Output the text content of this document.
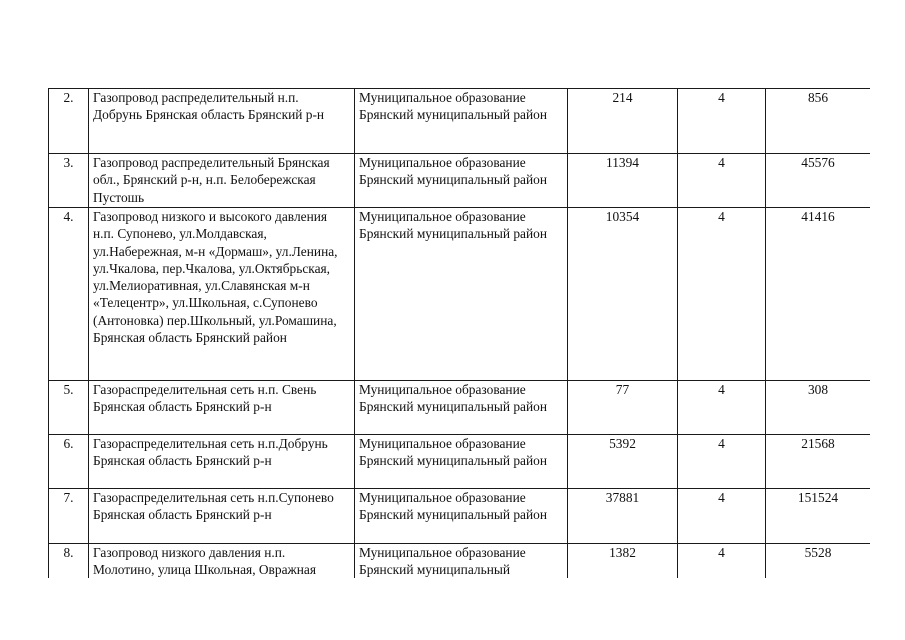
2.	Газопровод распределительный н.п. Добрунь Брянская область Брянский р-н	Муниципальное образование Брянский муниципальный район	214	4	856
3.	Газопровод распределительный Брянская обл., Брянский р-н, н.п. Белобережская Пустошь	Муниципальное образование Брянский муниципальный район	11394	4	45576
4.	Газопровод низкого и высокого давления н.п. Супонево, ул.Молдавская, ул.Набережная, м-н «Дормаш», ул.Ленина, ул.Чкалова, пер.Чкалова, ул.Октябрьская, ул.Мелиоративная, ул.Славянская м-н «Телецентр», ул.Школьная, с.Супонево (Антоновка) пер.Школьный, ул.Ромашина, Брянская область Брянский район	Муниципальное образование Брянский муниципальный район	10354	4	41416
5.	Газораспределительная сеть н.п. Свень Брянская область Брянский р-н	Муниципальное образование Брянский муниципальный район	77	4	308
6.	Газораспределительная сеть н.п.Добрунь Брянская область Брянский р-н	Муниципальное образование Брянский муниципальный район	5392	4	21568
7.	Газораспределительная сеть н.п.Супонево Брянская область Брянский р-н	Муниципальное образование Брянский муниципальный район	37881	4	151524
8.	Газопровод низкого давления н.п. Молотино, улица Школьная, Овражная	Муниципальное образование Брянский муниципальный	1382	4	5528
